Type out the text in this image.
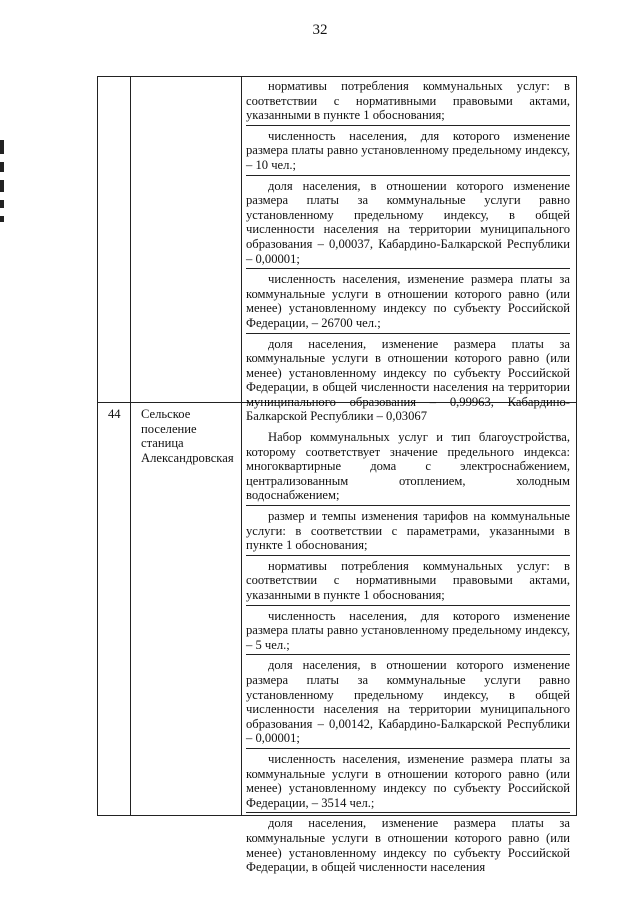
32
44 Сельское поселение станица Александровская

нормативы потребления коммунальных услуг: в соответствии с нормативными правовыми актами, указанными в пункте 1 обоснования;

численность населения, для которого изменение размера платы равно установленному предельному индексу, – 10 чел.;

доля населения, в отношении которого изменение размера платы за коммунальные услуги равно установленному предельному индексу, в общей численности населения на территории муниципального образования – 0,00037, Кабардино-Балкарской Республики – 0,00001;

численность населения, изменение размера платы за коммунальные услуги в отношении которого равно (или менее) установленному индексу по субъекту Российской Федерации, – 26700 чел.;

доля населения, изменение размера платы за коммунальные услуги в отношении которого равно (или менее) установленному индексу по субъекту Российской Федерации, в общей численности населения на территории муниципального образования – 0,99963, Кабардино-Балкарской Республики – 0,03067

Набор коммунальных услуг и тип благоустройства, которому соответствует значение предельного индекса: многоквартирные дома с электроснабжением, централизованным отоплением, холодным водоснабжением;

размер и темпы изменения тарифов на коммунальные услуги: в соответствии с параметрами, указанными в пункте 1 обоснования;

нормативы потребления коммунальных услуг: в соответствии с нормативными правовыми актами, указанными в пункте 1 обоснования;

численность населения, для которого изменение размера платы равно установленному предельному индексу, – 5 чел.;

доля населения, в отношении которого изменение размера платы за коммунальные услуги равно установленному предельному индексу, в общей численности населения на территории муниципального образования – 0,00142, Кабардино-Балкарской Республики – 0,00001;

численность населения, изменение размера платы за коммунальные услуги в отношении которого равно (или менее) установленному индексу по субъекту Российской Федерации, – 3514 чел.;

доля населения, изменение размера платы за коммунальные услуги в отношении которого равно (или менее) установленному индексу по субъекту Российской Федерации, в общей численности населения
